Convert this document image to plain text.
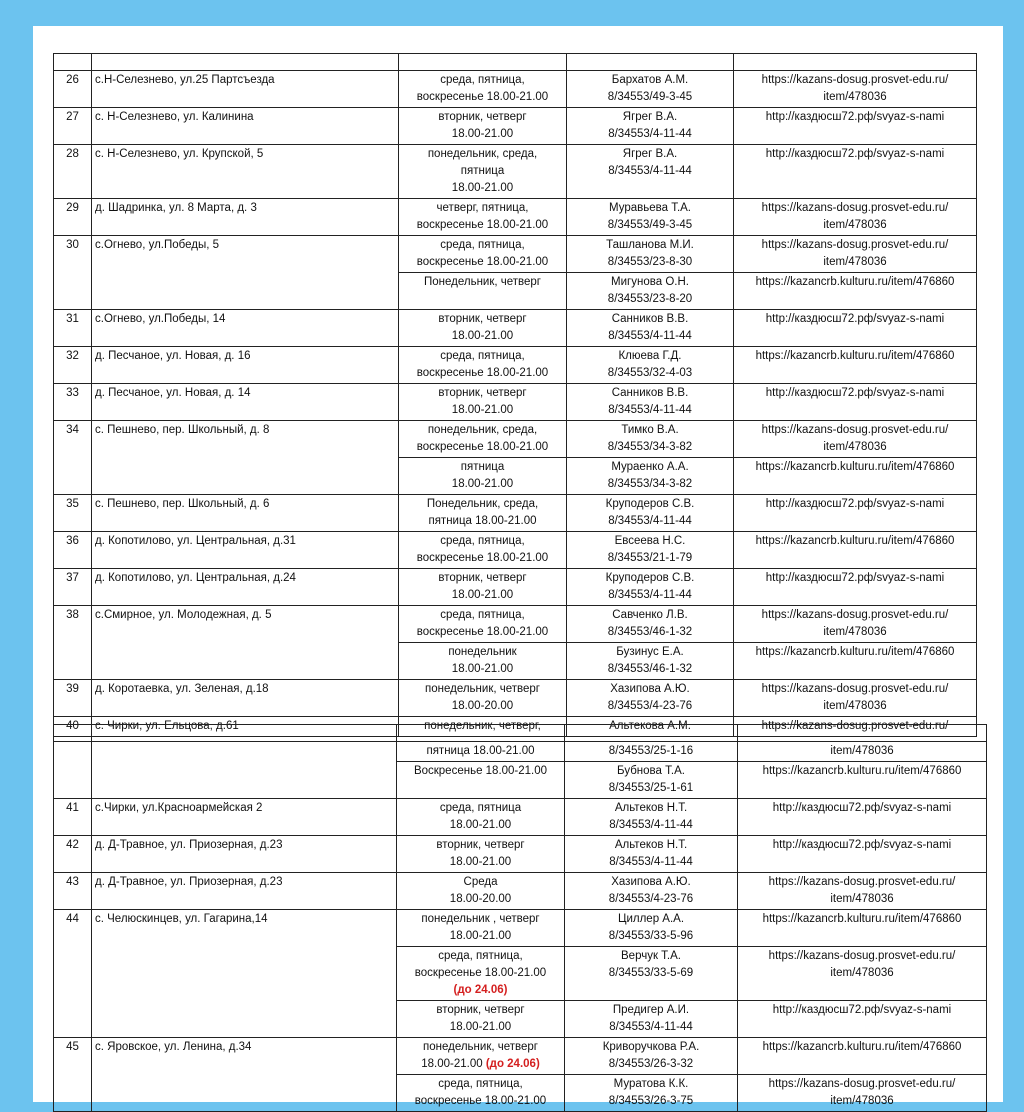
26	с.Н-Селезнево, ул.25 Партсъезда	среда, пятница,
воскресенье 18.00-21.00	Бархатов А.М.
8/34553/49-3-45	https://kazans-dosug.prosvet-edu.ru/
item/478036

27	с. Н-Селезнево, ул. Калинина	вторник, четверг
18.00-21.00	Ягрег В.А.
8/34553/4-11-44	http://каздюсш72.рф/svyaz-s-nami

28	с. Н-Селезнево, ул. Крупской, 5	понедельник, среда,
пятница
18.00-21.00	Ягрег В.А.
8/34553/4-11-44	http://каздюсш72.рф/svyaz-s-nami

29	д. Шадринка, ул. 8 Марта, д. 3	четверг, пятница,
воскресенье 18.00-21.00	Муравьева Т.А.
8/34553/49-3-45	https://kazans-dosug.prosvet-edu.ru/
item/478036

30	с.Огнево, ул.Победы, 5	среда, пятница,
воскресенье 18.00-21.00	Ташланова М.И.
8/34553/23-8-30	https://kazans-dosug.prosvet-edu.ru/
item/478036

		Понедельник, четверг	Мигунова О.Н.
8/34553/23-8-20	https://kazancrb.kulturu.ru/item/476860

31	с.Огнево, ул.Победы, 14	вторник, четверг
18.00-21.00	Санников В.В.
8/34553/4-11-44	http://каздюсш72.рф/svyaz-s-nami

32	д. Песчаное, ул. Новая, д. 16	среда, пятница,
воскресенье 18.00-21.00	Клюева Г.Д.
8/34553/32-4-03	https://kazancrb.kulturu.ru/item/476860

33	д. Песчаное, ул. Новая, д. 14	вторник, четверг
18.00-21.00	Санников В.В.
8/34553/4-11-44	http://каздюсш72.рф/svyaz-s-nami

34	с. Пешнево, пер. Школьный, д. 8	понедельник, среда,
воскресенье 18.00-21.00	Тимко В.А.
8/34553/34-3-82	https://kazans-dosug.prosvet-edu.ru/
item/478036

		пятница
18.00-21.00	Мураенко А.А.
8/34553/34-3-82	https://kazancrb.kulturu.ru/item/476860

35	с. Пешнево, пер. Школьный, д. 6	Понедельник, среда,
пятница 18.00-21.00	Круподеров С.В.
8/34553/4-11-44	http://каздюсш72.рф/svyaz-s-nami

36	д. Копотилово, ул. Центральная, д.31	среда, пятница,
воскресенье 18.00-21.00	Евсеева Н.С.
8/34553/21-1-79	https://kazancrb.kulturu.ru/item/476860

37	д. Копотилово, ул. Центральная, д.24	вторник, четверг
18.00-21.00	Круподеров С.В.
8/34553/4-11-44	http://каздюсш72.рф/svyaz-s-nami

38	с.Смирное, ул. Молодежная, д. 5	среда, пятница,
воскресенье 18.00-21.00	Савченко Л.В.
8/34553/46-1-32	https://kazans-dosug.prosvet-edu.ru/
item/478036

		понедельник
18.00-21.00	Бузинус Е.А.
8/34553/46-1-32	https://kazancrb.kulturu.ru/item/476860

39	д. Коротаевка, ул. Зеленая, д.18	понедельник, четверг
18.00-20.00	Хазипова А.Ю.
8/34553/4-23-76	https://kazans-dosug.prosvet-edu.ru/
item/478036

40	с. Чирки, ул. Ельцова, д.61	понедельник, четверг,	Альтекова А.М.	https://kazans-dosug.prosvet-edu.ru/

		пятница 18.00-21.00	8/34553/25-1-16	item/478036

		Воскресенье 18.00-21.00	Бубнова Т.А.
8/34553/25-1-61	https://kazancrb.kulturu.ru/item/476860

41	с.Чирки, ул.Красноармейская 2	среда, пятница
18.00-21.00	Альтеков Н.Т.
8/34553/4-11-44	http://каздюсш72.рф/svyaz-s-nami

42	д. Д-Травное, ул. Приозерная, д.23	вторник, четверг
18.00-21.00	Альтеков Н.Т.
8/34553/4-11-44	http://каздюсш72.рф/svyaz-s-nami

43	д. Д-Травное, ул. Приозерная, д.23	Среда
18.00-20.00	Хазипова А.Ю.
8/34553/4-23-76	https://kazans-dosug.prosvet-edu.ru/
item/478036

44	с. Челюскинцев, ул. Гагарина,14	понедельник , четверг
18.00-21.00	Циллер А.А.
8/34553/33-5-96	https://kazancrb.kulturu.ru/item/476860

		среда, пятница,
воскресенье 18.00-21.00
(до 24.06)	Верчук Т.А.
8/34553/33-5-69	https://kazans-dosug.prosvet-edu.ru/
item/478036

		вторник, четверг
18.00-21.00	Предигер А.И.
8/34553/4-11-44	http://каздюсш72.рф/svyaz-s-nami

45	с. Яровское, ул. Ленина, д.34	понедельник, четверг
18.00-21.00 (до 24.06)	Криворучкова Р.А.
8/34553/26-3-32	https://kazancrb.kulturu.ru/item/476860

		среда, пятница,
воскресенье 18.00-21.00	Муратова К.К.
8/34553/26-3-75	https://kazans-dosug.prosvet-edu.ru/
item/478036
